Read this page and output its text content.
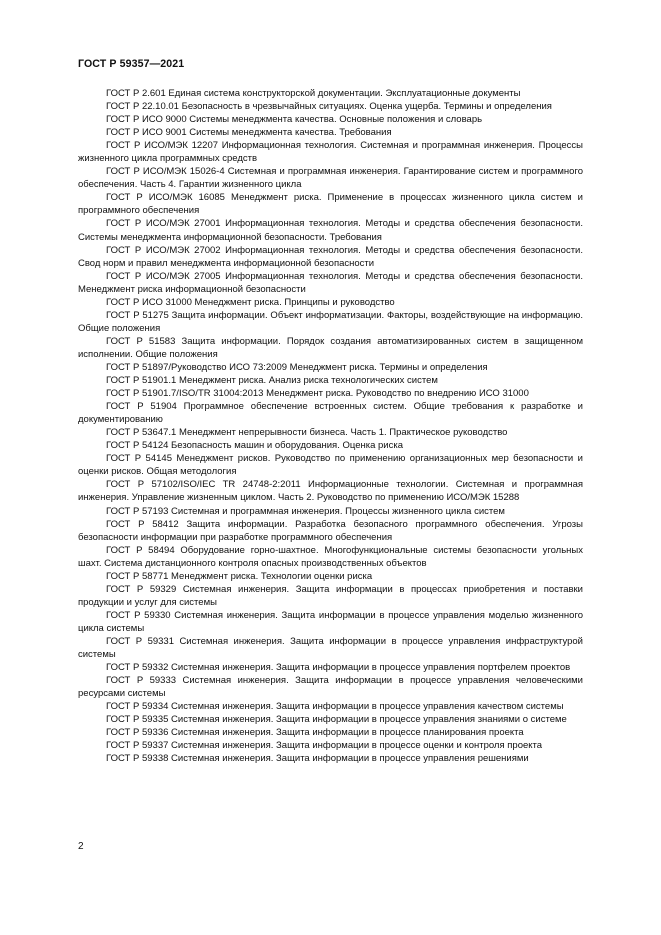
ГОСТ Р 59357—2021

ГОСТ Р 2.601 Единая система конструкторской документации. Эксплуатационные документы

ГОСТ Р 22.10.01 Безопасность в чрезвычайных ситуациях. Оценка ущерба. Термины и определения

ГОСТ Р ИСО 9000 Системы менеджмента качества. Основные положения и словарь

ГОСТ Р ИСО 9001 Системы менеджмента качества. Требования

ГОСТ Р ИСО/МЭК 12207 Информационная технология. Системная и программная инженерия. Процессы жизненного цикла программных средств

ГОСТ Р ИСО/МЭК 15026-4 Системная и программная инженерия. Гарантирование систем и программного обеспечения. Часть 4. Гарантии жизненного цикла

ГОСТ Р ИСО/МЭК 16085 Менеджмент риска. Применение в процессах жизненного цикла систем и программного обеспечения

ГОСТ Р ИСО/МЭК 27001 Информационная технология. Методы и средства обеспечения безопасности. Системы менеджмента информационной безопасности. Требования

ГОСТ Р ИСО/МЭК 27002 Информационная технология. Методы и средства обеспечения безопасности. Свод норм и правил менеджмента информационной безопасности

ГОСТ Р ИСО/МЭК 27005 Информационная технология. Методы и средства обеспечения безопасности. Менеджмент риска информационной безопасности

ГОСТ Р ИСО 31000 Менеджмент риска. Принципы и руководство

ГОСТ Р 51275 Защита информации. Объект информатизации. Факторы, воздействующие на информацию. Общие положения

ГОСТ Р 51583 Защита информации. Порядок создания автоматизированных систем в защищенном исполнении. Общие положения

ГОСТ Р 51897/Руководство ИСО 73:2009 Менеджмент риска. Термины и определения

ГОСТ Р 51901.1 Менеджмент риска. Анализ риска технологических систем

ГОСТ Р 51901.7/ISO/TR 31004:2013 Менеджмент риска. Руководство по внедрению ИСО 31000

ГОСТ Р 51904 Программное обеспечение встроенных систем. Общие требования к разработке и документированию

ГОСТ Р 53647.1 Менеджмент непрерывности бизнеса. Часть 1. Практическое руководство

ГОСТ Р 54124 Безопасность машин и оборудования. Оценка риска

ГОСТ Р 54145 Менеджмент рисков. Руководство по применению организационных мер безопасности и оценки рисков. Общая методология

ГОСТ Р 57102/ISO/IEC TR 24748-2:2011 Информационные технологии. Системная и программная инженерия. Управление жизненным циклом. Часть 2. Руководство по применению ИСО/МЭК 15288

ГОСТ Р 57193 Системная и программная инженерия. Процессы жизненного цикла систем

ГОСТ Р 58412 Защита информации. Разработка безопасного программного обеспечения. Угрозы безопасности информации при разработке программного обеспечения

ГОСТ Р 58494 Оборудование горно-шахтное. Многофункциональные системы безопасности угольных шахт. Система дистанционного контроля опасных производственных объектов

ГОСТ Р 58771 Менеджмент риска. Технологии оценки риска

ГОСТ Р 59329 Системная инженерия. Защита информации в процессах приобретения и поставки продукции и услуг для системы

ГОСТ Р 59330 Системная инженерия. Защита информации в процессе управления моделью жизненного цикла системы

ГОСТ Р 59331 Системная инженерия. Защита информации в процессе управления инфраструктурой системы

ГОСТ Р 59332 Системная инженерия. Защита информации в процессе управления портфелем проектов

ГОСТ Р 59333 Системная инженерия. Защита информации в процессе управления человеческими ресурсами системы

ГОСТ Р 59334 Системная инженерия. Защита информации в процессе управления качеством системы

ГОСТ Р 59335 Системная инженерия. Защита информации в процессе управления знаниями о системе

ГОСТ Р 59336 Системная инженерия. Защита информации в процессе планирования проекта

ГОСТ Р 59337 Системная инженерия. Защита информации в процессе оценки и контроля проекта

ГОСТ Р 59338 Системная инженерия. Защита информации в процессе управления решениями

2
